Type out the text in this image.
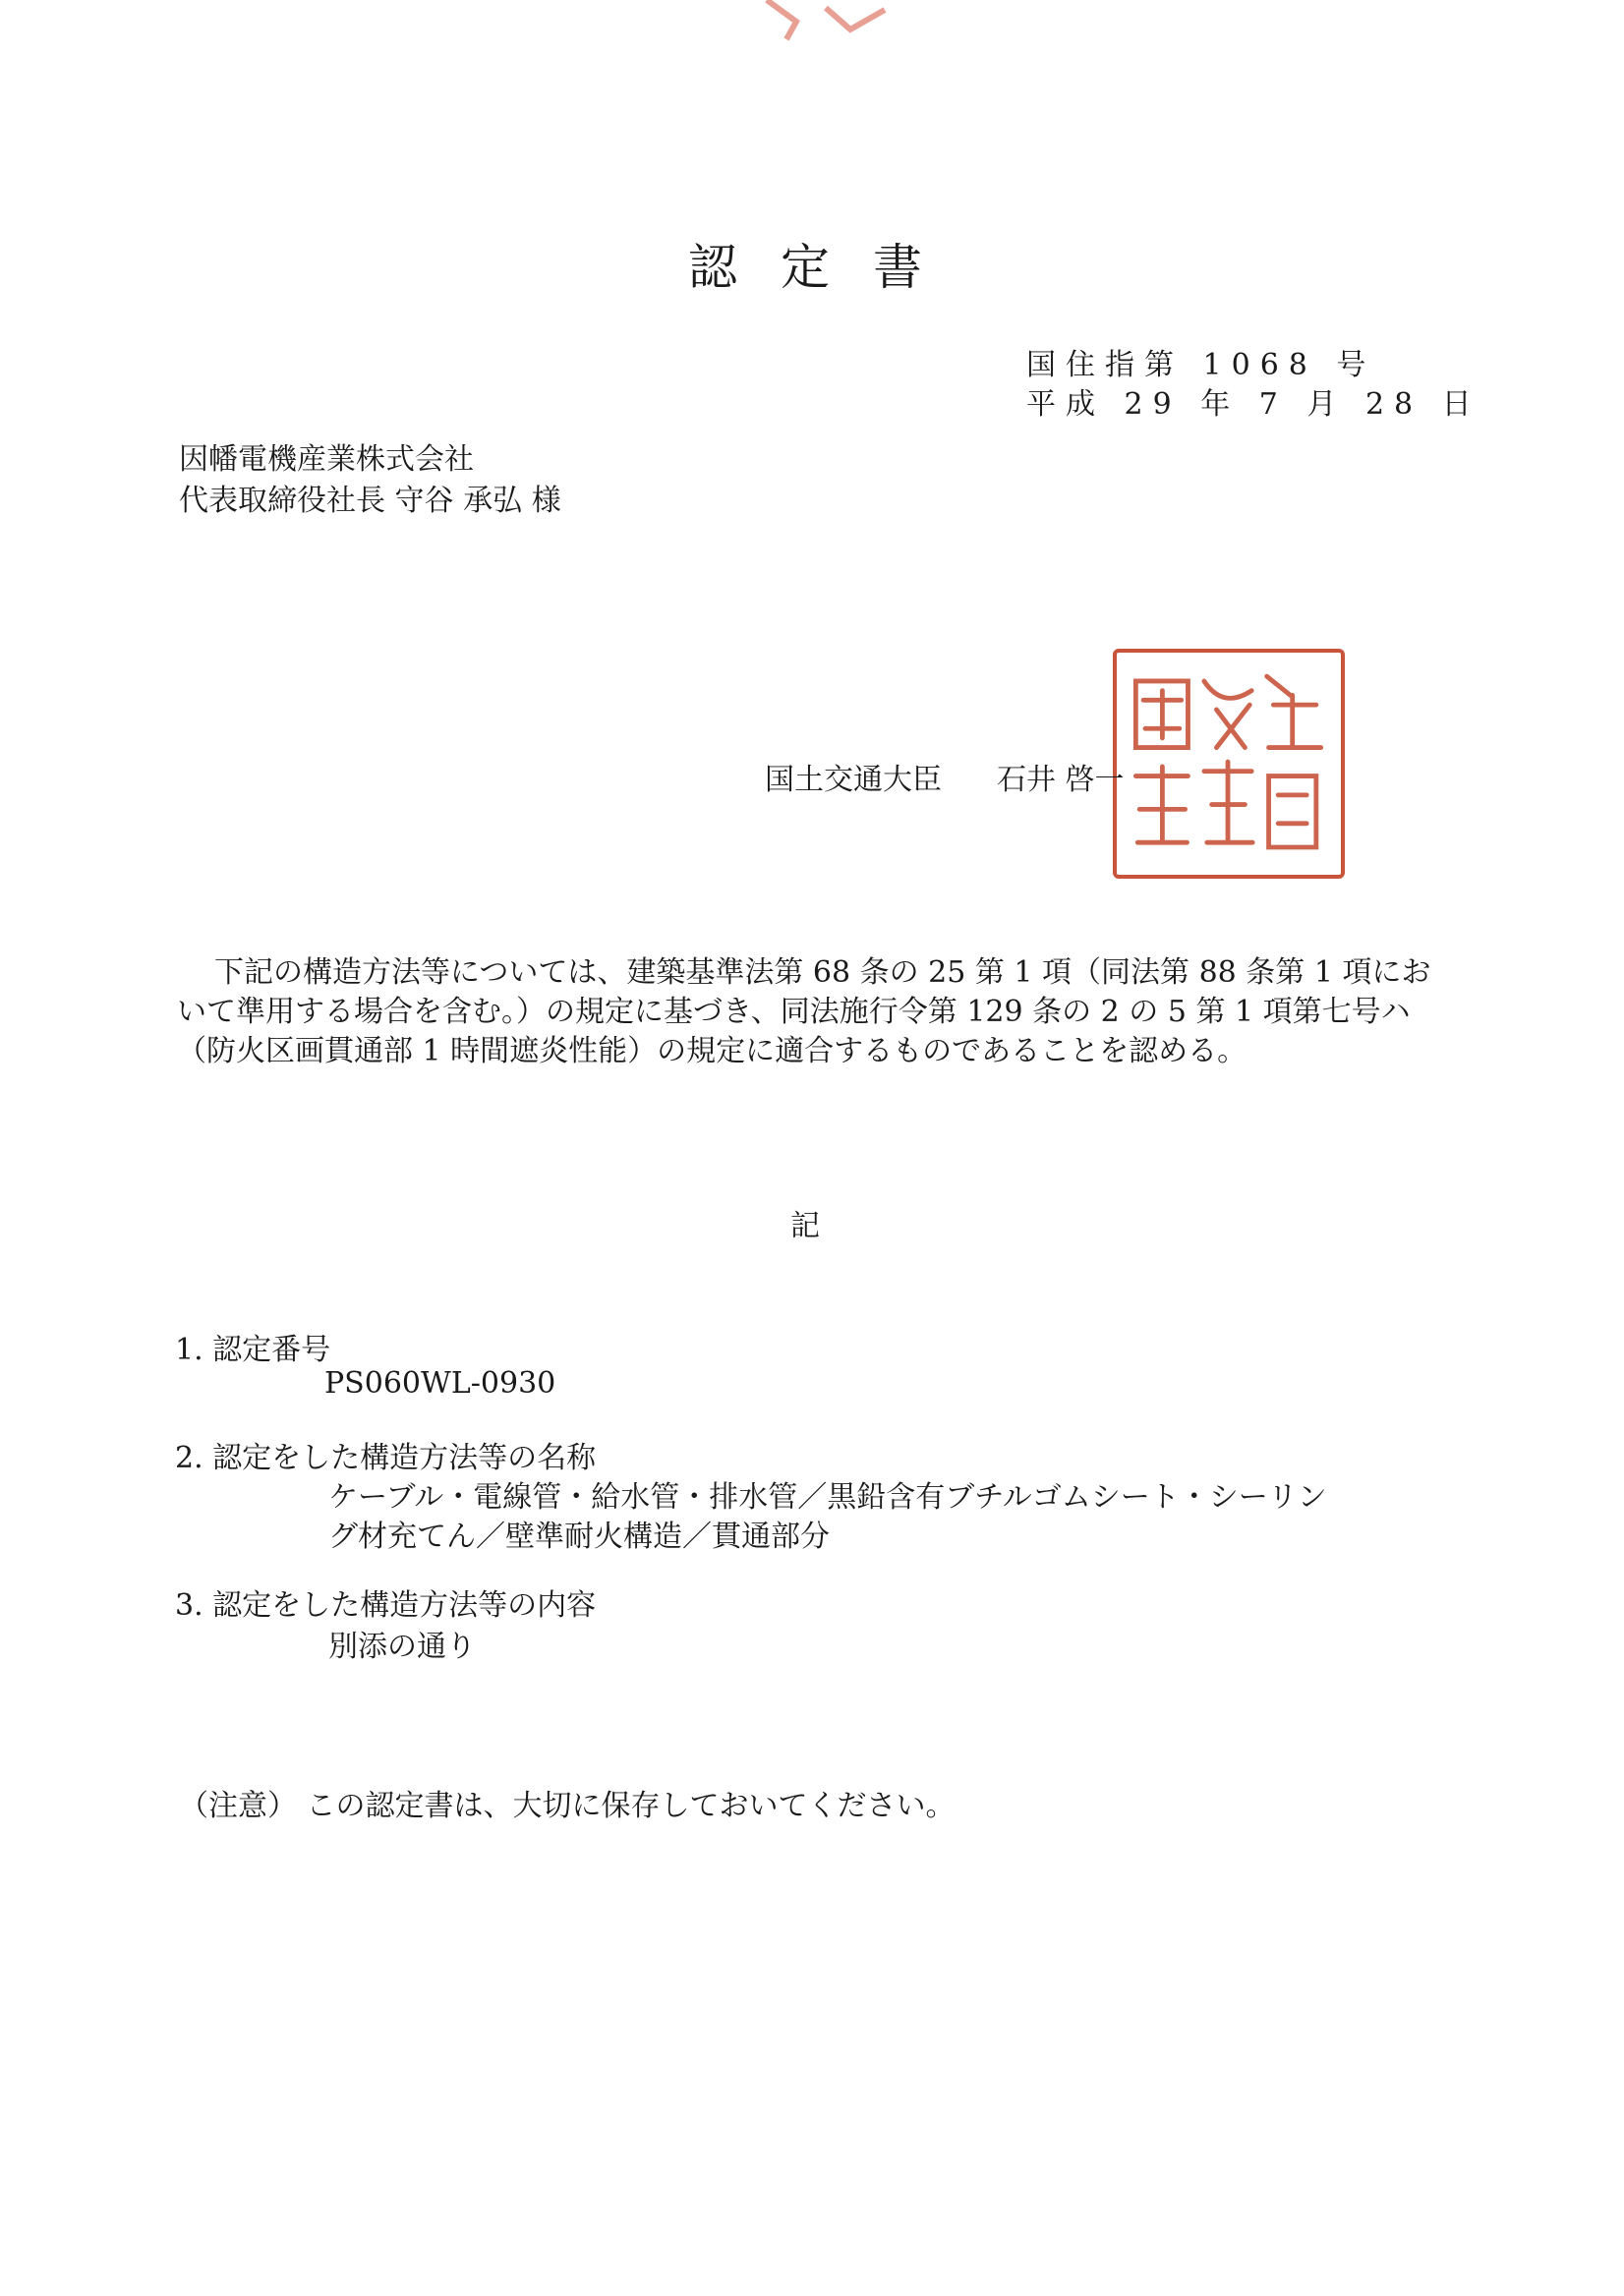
認 定 書
国住指第 1068 号
平成 29 年 7 月 28 日
因幡電機産業株式会社
代表取締役社長 守谷 承弘 様
国土交通大臣 石井 啓一
下記の構造方法等については、建築基準法第 68 条の 25 第 1 項（同法第 88 条第 1 項にお
いて準用する場合を含む。）の規定に基づき、同法施行令第 129 条の 2 の 5 第 1 項第七号ハ
（防火区画貫通部 1 時間遮炎性能）の規定に適合するものであることを認める。
記
1. 認定番号
PS060WL-0930
2. 認定をした構造方法等の名称
ケーブル・電線管・給水管・排水管／黒鉛含有ブチルゴムシート・シーリン
グ材充てん／壁準耐火構造／貫通部分
3. 認定をした構造方法等の内容
別添の通り
（注意） この認定書は、大切に保存しておいてください。
